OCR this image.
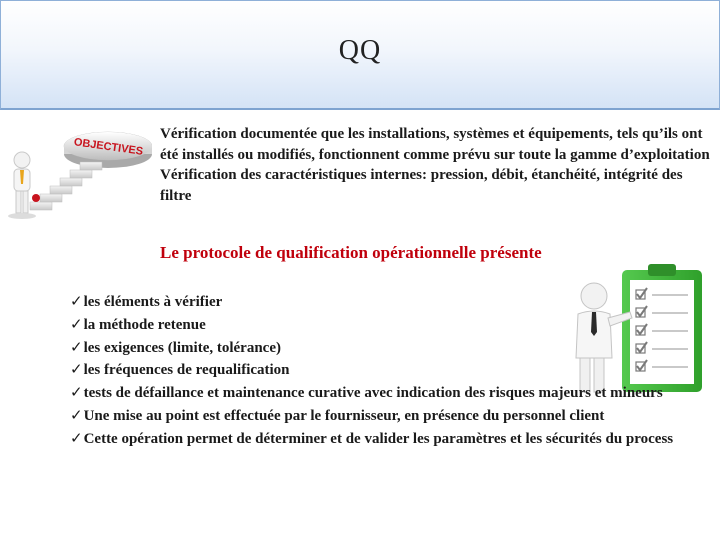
QQ
OBJECTIVES

Vérification documentée que les installations, systèmes et équipements, tels qu’ils ont été installés ou modifiés, fonctionnent comme prévu sur toute la gamme d’exploitation

Vérification des caractéristiques internes: pression, débit, étanchéité, intégrité des filtre

Le protocole de qualification opérationnelle présente
✓les éléments à vérifier
✓la méthode retenue
✓les exigences (limite, tolérance)
✓les fréquences de requalification
✓tests de défaillance et maintenance curative avec indication des risques majeurs et mineurs
✓Une mise au point est effectuée par le fournisseur, en présence du personnel client
✓Cette opération permet de déterminer et de valider les paramètres et les sécurités du process
